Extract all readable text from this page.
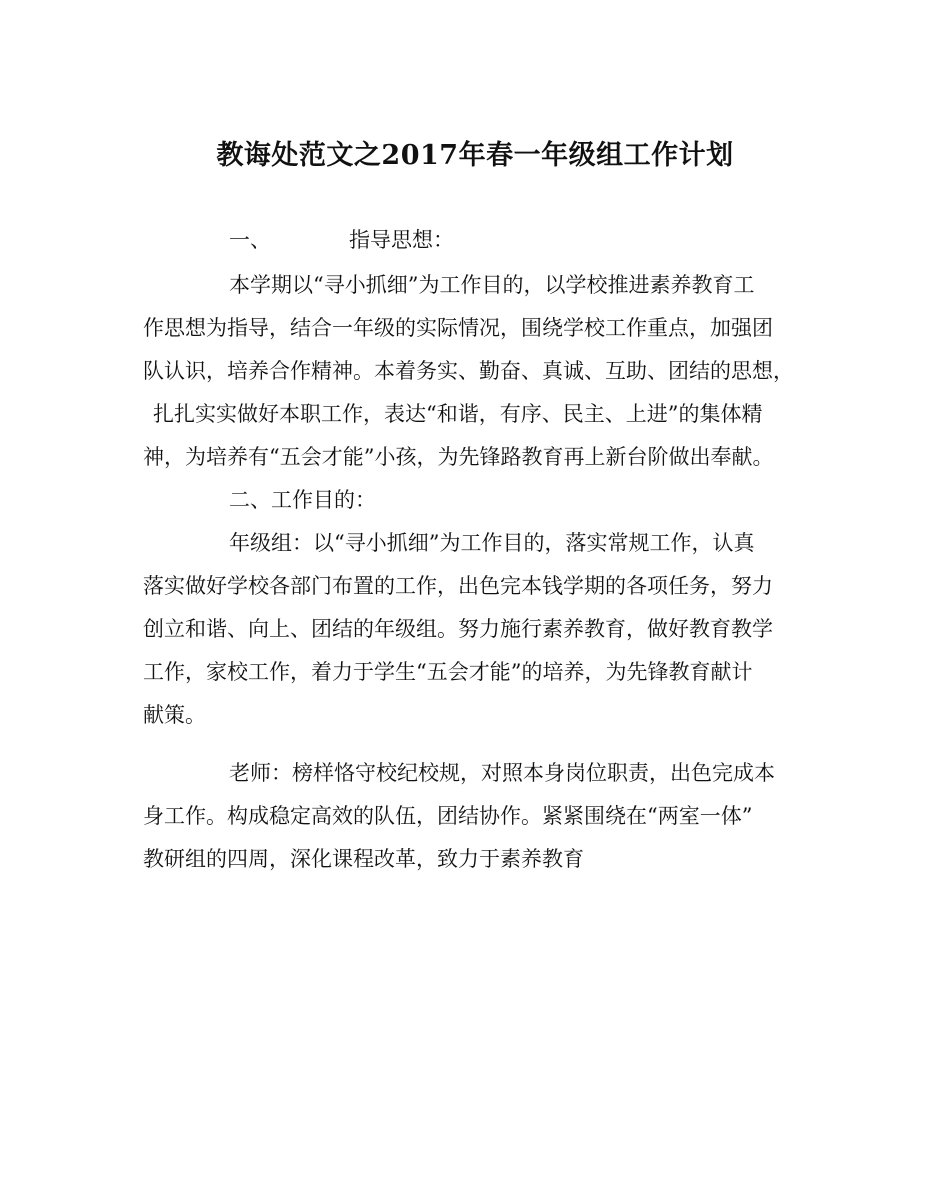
教诲处范文之2017年春一年级组工作计划
一、	指导思想：
本学期以“寻小抓细”为工作目的，以学校推进素养教育工
作思想为指导，结合一年级的实际情况，围绕学校工作重点，加强团
队认识，培养合作精神。本着务实、勤奋、真诚、互助、团结的思想，
扎扎实实做好本职工作，表达“和谐，有序、民主、上进”的集体精
神，为培养有“五会才能”小孩，为先锋路教育再上新台阶做出奉献。
二、工作目的：
年级组：以“寻小抓细”为工作目的，落实常规工作，认真
落实做好学校各部门布置的工作，出色完本钱学期的各项任务，努力
创立和谐、向上、团结的年级组。努力施行素养教育，做好教育教学
工作，家校工作，着力于学生“五会才能”的培养，为先锋教育献计
献策。
老师：榜样恪守校纪校规，对照本身岗位职责，出色完成本
身工作。构成稳定高效的队伍，团结协作。紧紧围绕在“两室一体”
教研组的四周，深化课程改革，致力于素养教育
